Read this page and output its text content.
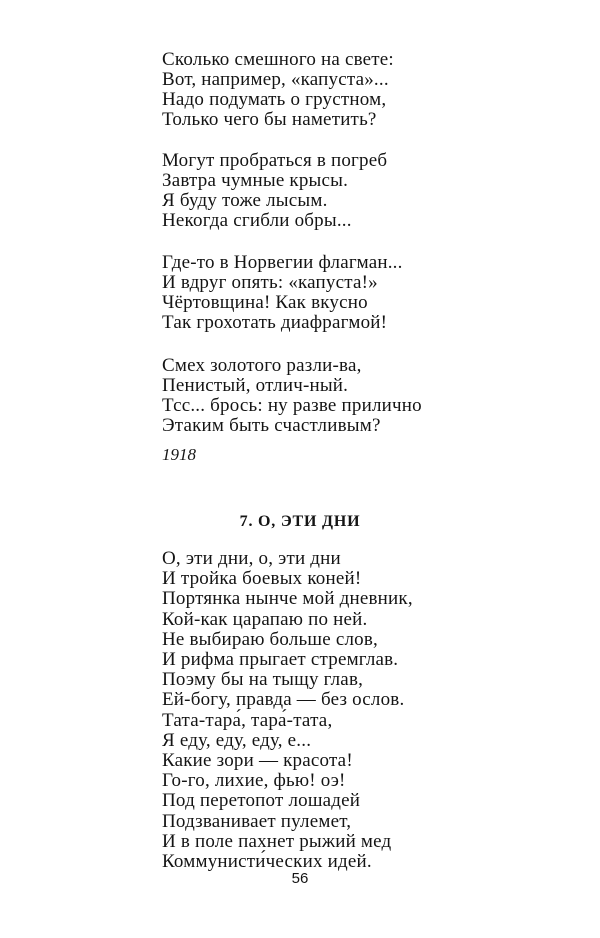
Сколько смешного на свете:
Вот, например, «капуста»...
Надо подумать о грустном,
Только чего бы наметить?
Могут пробраться в погреб
Завтра чумные крысы.
Я буду тоже лысым.
Некогда сгибли обры...
Где-то в Норвегии флагман...
И вдруг опять: «капуста!»
Чёртовщина! Как вкусно
Так грохотать диафрагмой!
Смех золотого разли-ва,
Пенистый, отлич-ный.
Тсс... брось: ну разве прилично
Этаким быть счастливым?
1918
7. О, ЭТИ ДНИ
О, эти дни, о, эти дни
И тройка боевых коней!
Портянка нынче мой дневник,
Кой-как царапаю по ней.
Не выбираю больше слов,
И рифма прыгает стремглав.
Поэму бы на тыщу глав,
Ей-богу, правда — без ослов.
Тата-тара́, тара́-тата,
Я еду, еду, еду, е...
Какие зори — красота!
Го-го, лихие, фью! оэ!
Под перетопот лошадей
Подзванивает пулемет,
И в поле пахнет рыжий мед
Коммунисти́ческих идей.
56
